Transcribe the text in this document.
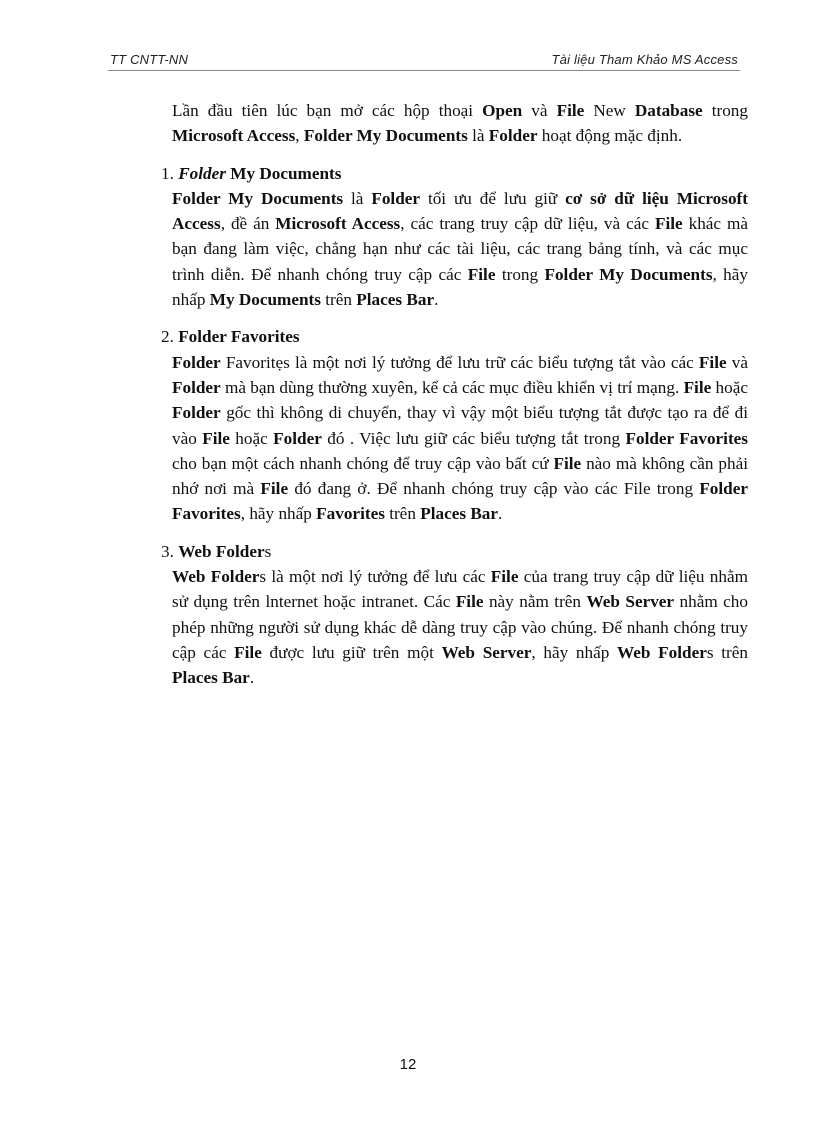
TT CNTT-NN	Tài liệu Tham Khảo MS Access

Lần đầu tiên lúc bạn mở các hộp thoại Open và File New Database trong Microsoft Access, Folder My Documents là Folder hoạt động mặc định.

1. Folder My Documents

Folder My Documents là Folder tối ưu để lưu giữ cơ sở dữ liệu Microsoft Access, đề án Microsoft Access, các trang truy cập dữ liệu, và các File khác mà bạn đang làm việc, chẳng hạn như các tài liệu, các trang bảng tính, và các mục trình diễn. Để nhanh chóng truy cập các File trong Folder My Documents, hãy nhấp My Documents trên Places Bar.

2. Folder Favorites

Folder Favoritẹs là một nơi lý tưởng để lưu trữ các biểu tượng tắt vào các File và Folder mà bạn dùng thường xuyên, kể cả các mục điều khiển vị trí mạng. File hoặc Folder gốc thì không di chuyển, thay vì vậy một biểu tượng tắt được tạo ra để đi vào File hoặc Folder đó . Việc lưu giữ các biểu tượng tắt trong Folder Favorites cho bạn một cách nhanh chóng để truy cập vào bất cứ File nào mà không cần phải nhớ nơi mà File đó đang ở. Để nhanh chóng truy cập vào các File trong Folder Favorites, hãy nhấp Favorites trên Places Bar.

3. Web Folders

Web Folders là một nơi lý tưởng để lưu các File của trang truy cập dữ liệu nhằm sử dụng trên lnternet hoặc intranet. Các File này nằm trên Web Server nhằm cho phép những người sử dụng khác dễ dàng truy cập vào chúng. Để nhanh chóng truy cập các File được lưu giữ trên một Web Server, hãy nhấp Web Folders trên Places Bar.

12
